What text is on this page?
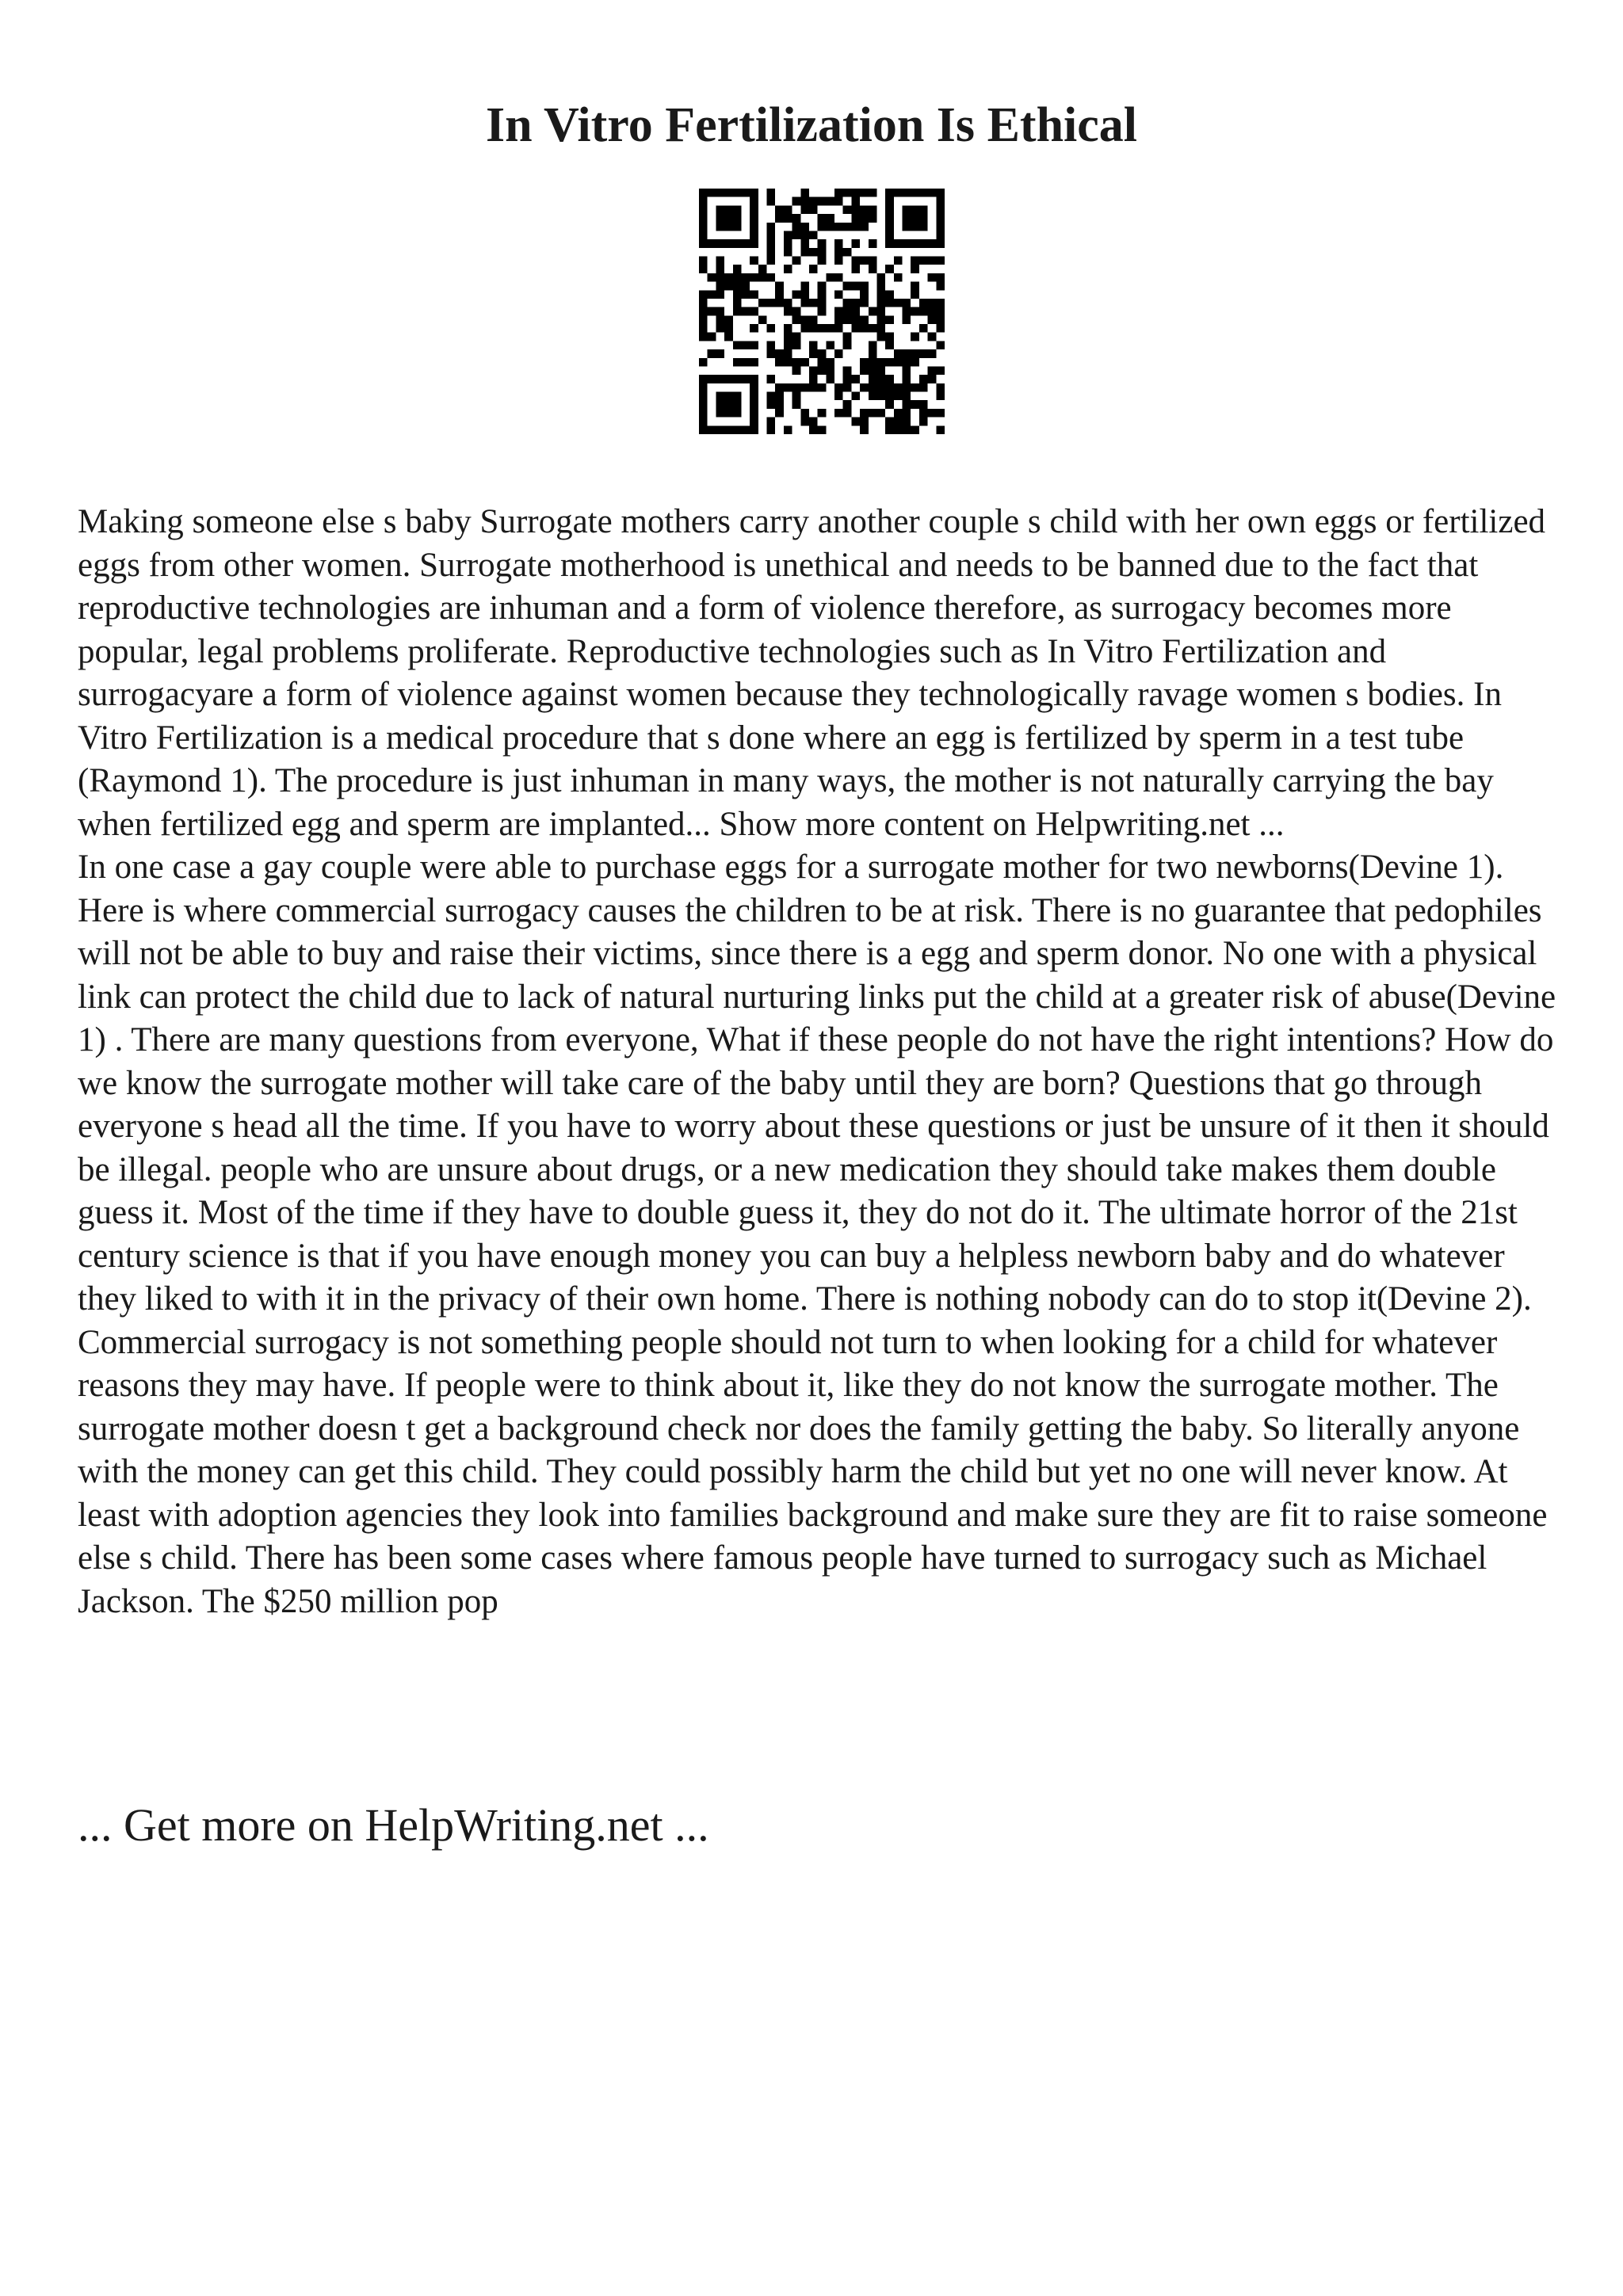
In Vitro Fertilization Is Ethical

Making someone else s baby Surrogate mothers carry another couple s child with her own eggs or fertilized eggs from other women. Surrogate motherhood is unethical and needs to be banned due to the fact that reproductive technologies are inhuman and a form of violence therefore, as surrogacy becomes more popular, legal problems proliferate. Reproductive technologies such as In Vitro Fertilization and surrogacyare a form of violence against women because they technologically ravage women s bodies. In Vitro Fertilization is a medical procedure that s done where an egg is fertilized by sperm in a test tube (Raymond 1). The procedure is just inhuman in many ways, the mother is not naturally carrying the bay when fertilized egg and sperm are implanted... Show more content on Helpwriting.net ...

In one case a gay couple were able to purchase eggs for a surrogate mother for two newborns(Devine 1). Here is where commercial surrogacy causes the children to be at risk. There is no guarantee that pedophiles will not be able to buy and raise their victims, since there is a egg and sperm donor. No one with a physical link can protect the child due to lack of natural nurturing links put the child at a greater risk of abuse(Devine 1) . There are many questions from everyone, What if these people do not have the right intentions? How do we know the surrogate mother will take care of the baby until they are born? Questions that go through everyone s head all the time. If you have to worry about these questions or just be unsure of it then it should be illegal. people who are unsure about drugs, or a new medication they should take makes them double guess it. Most of the time if they have to double guess it, they do not do it. The ultimate horror of the 21st century science is that if you have enough money you can buy a helpless newborn baby and do whatever they liked to with it in the privacy of their own home. There is nothing nobody can do to stop it(Devine 2). Commercial surrogacy is not something people should not turn to when looking for a child for whatever reasons they may have. If people were to think about it, like they do not know the surrogate mother. The surrogate mother doesn t get a background check nor does the family getting the baby. So literally anyone with the money can get this child. They could possibly harm the child but yet no one will never know. At least with adoption agencies they look into families background and make sure they are fit to raise someone else s child. There has been some cases where famous people have turned to surrogacy such as Michael Jackson. The $250 million pop

... Get more on HelpWriting.net ...
